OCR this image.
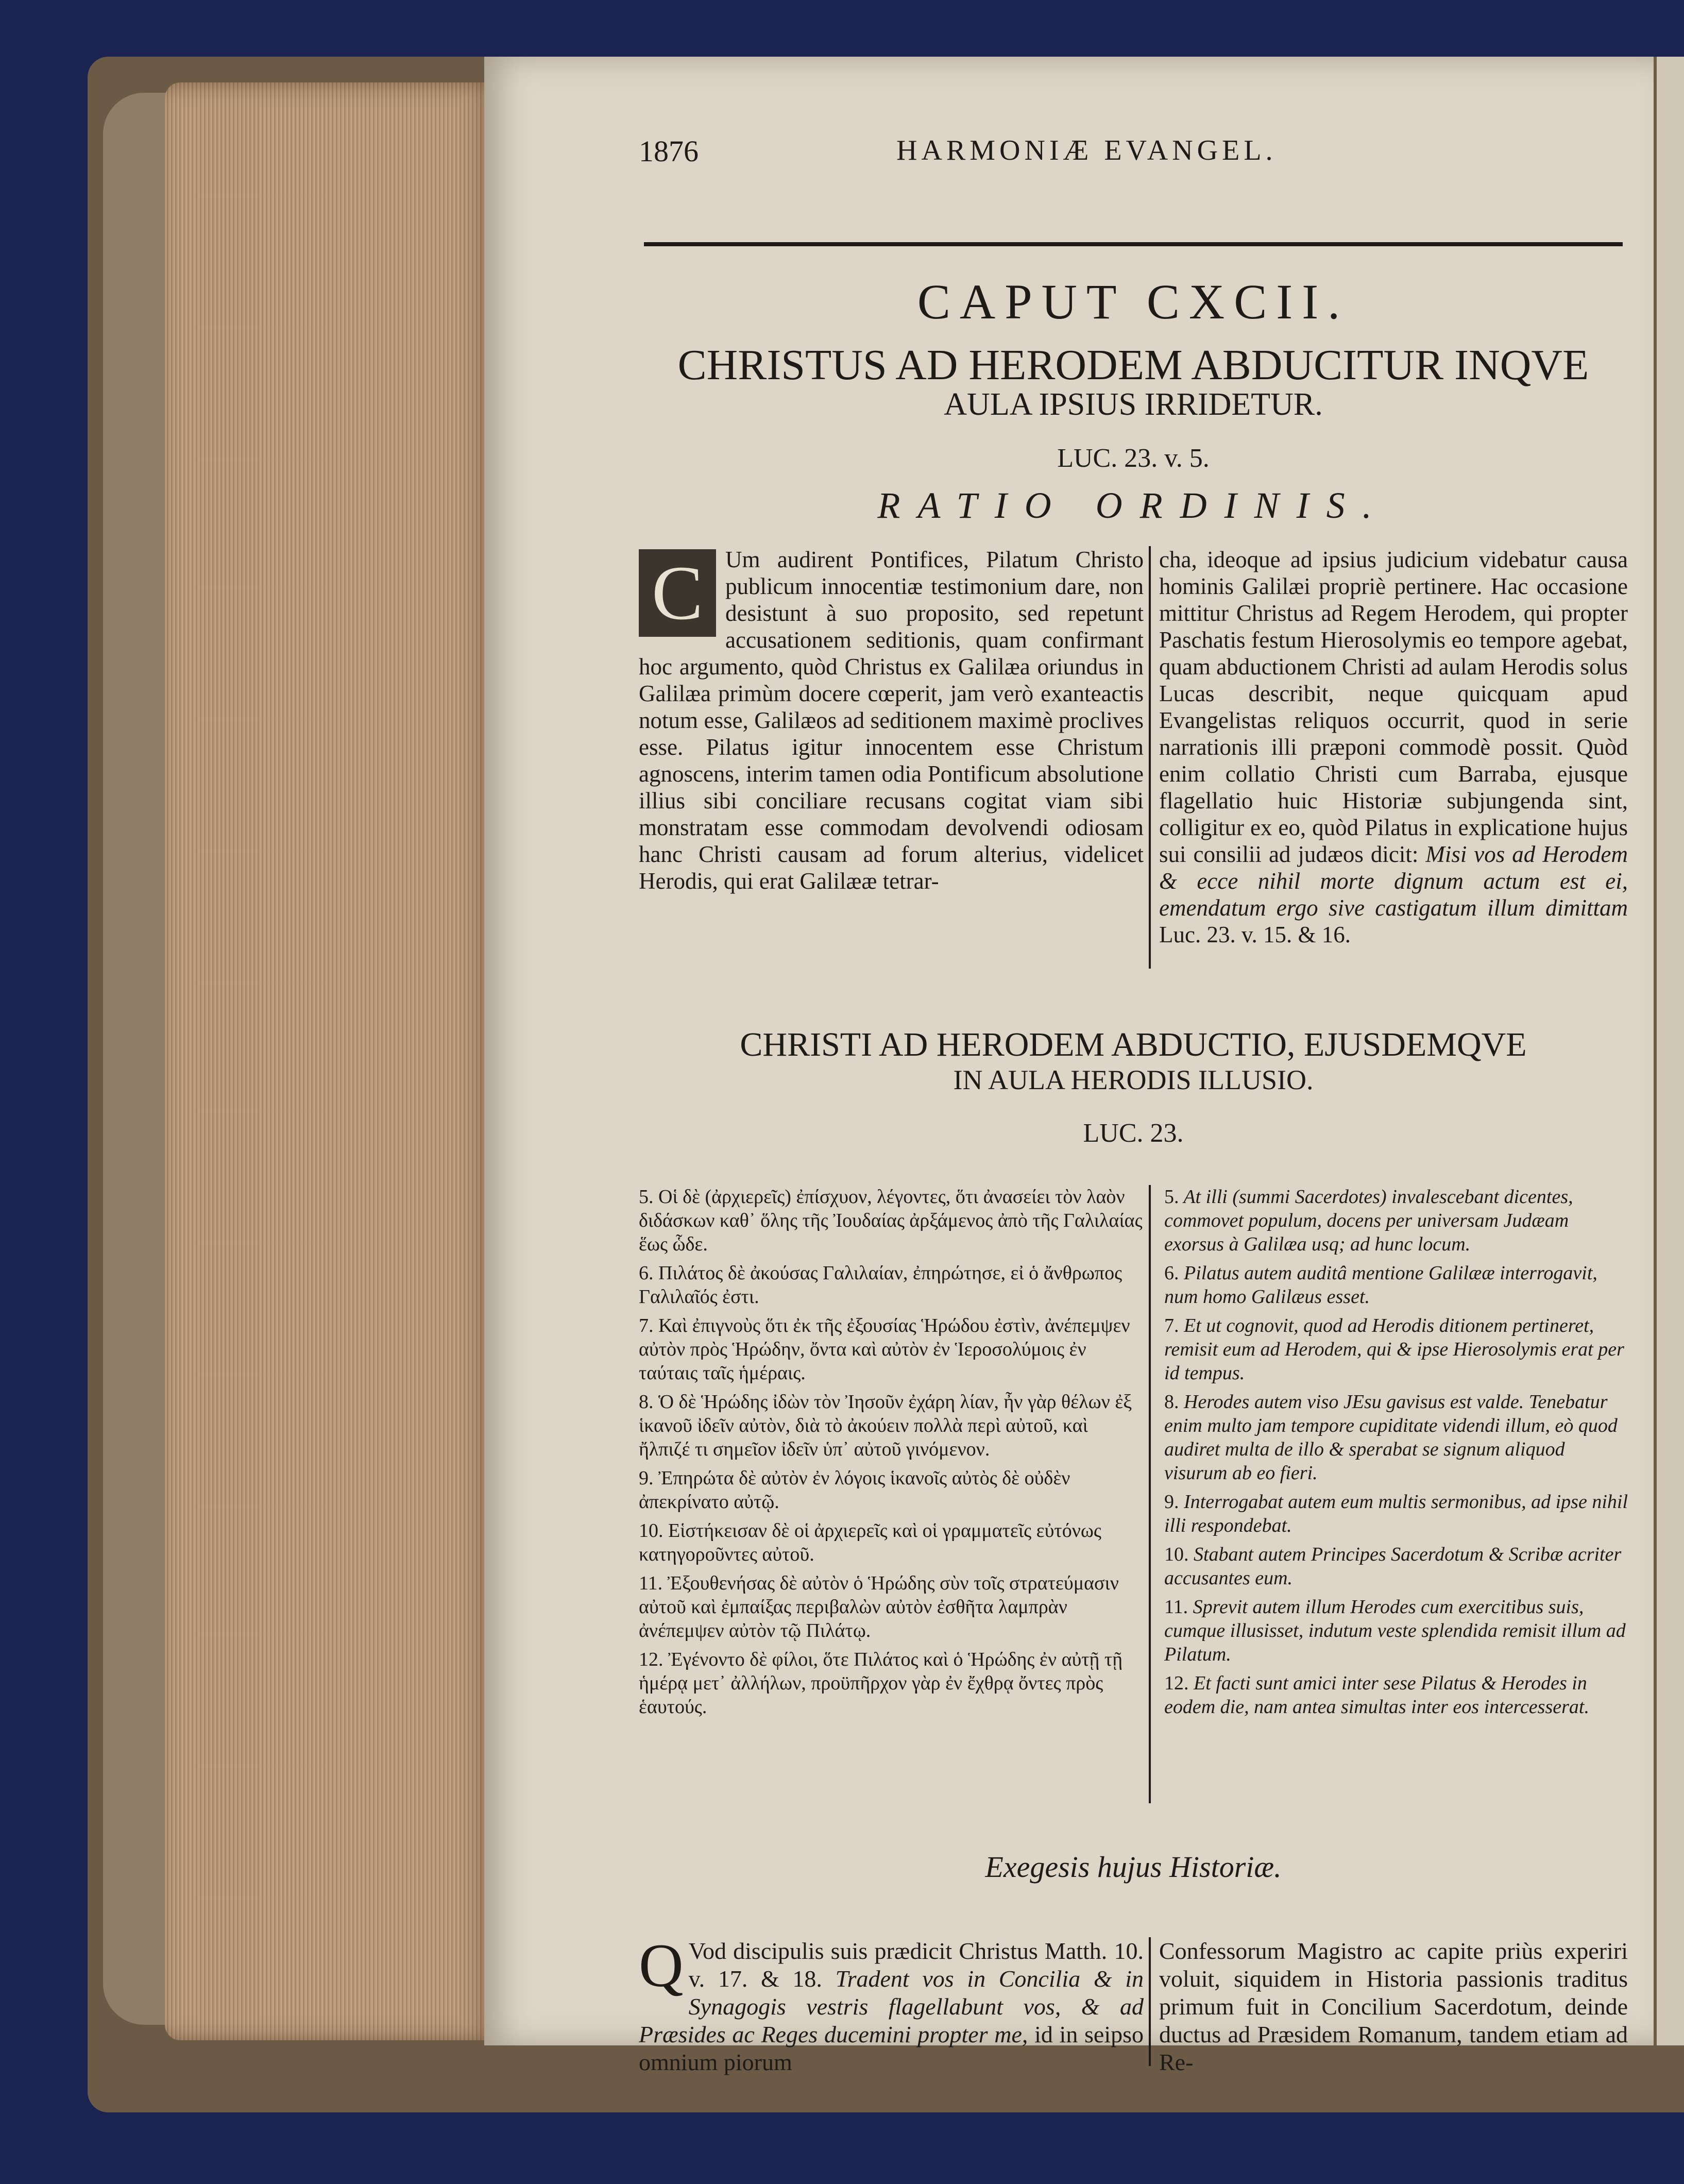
1876	HARMONIÆ EVANGEL.
CAPUT CXCII.
CHRISTUS AD HERODEM ABDUCITUR INQVE
AULA IPSIUS IRRIDETUR.
LUC. 23. v. 5.
RATIO ORDINIS.
C Um audirent Pontifices, Pilatum Christo publicum innocentiæ testimonium dare, non desistunt à suo proposito, sed repetunt accusationem seditionis, quam confirmant hoc argumento, quòd Christus ex Galilæa oriundus in Galilæa primùm docere cœperit, jam verò exanteactis notum esse, Galilæos ad seditionem maximè proclives esse. Pilatus igitur innocentem esse Christum agnoscens, interim tamen odia Pontificum absolutione illius sibi conciliare recusans cogitat viam sibi monstratam esse commodam devolvendi odiosam hanc Christi causam ad forum alterius, videlicet Herodis, qui erat Galilææ tetrar-
cha, ideoque ad ipsius judicium videbatur causa hominis Galilæi propriè pertinere. Hac occasione mittitur Christus ad Regem Herodem, qui propter Paschatis festum Hierosolymis eo tempore agebat, quam abductionem Christi ad aulam Herodis solus Lucas describit, neque quicquam apud Evangelistas reliquos occurrit, quod in serie narrationis illi præponi commodè possit. Quòd enim collatio Christi cum Barraba, ejusque flagellatio huic Historiæ subjungenda sint, colligitur ex eo, quòd Pilatus in explicatione hujus sui consilii ad judæos dicit: Misi vos ad Herodem & ecce nihil morte dignum actum est ei, emendatum ergo sive castigatum illum dimittam Luc. 23. v. 15. & 16.
CHRISTI AD HERODEM ABDUCTIO, EJUSDEMQVE
IN AULA HERODIS ILLUSIO.
LUC. 23.
5. Οἱ δὲ (ἀρχιερεῖς) ἐπίσχυον, λέγοντες, ὅτι ἀνασείει τὸν λαὸν διδάσκων καθ᾽ ὅλης τῆς Ἰουδαίας ἀρξάμενος ἀπὸ τῆς Γαλιλαίας ἕως ὧδε.
6. Πιλάτος δὲ ἀκούσας Γαλιλαίαν, ἐπηρώτησε, εἰ ὁ ἄνθρωπος Γαλιλαῖός ἐστι.
7. Καὶ ἐπιγνοὺς ὅτι ἐκ τῆς ἐξουσίας Ἡρώδου ἐστὶν, ἀνέπεμψεν αὐτὸν πρὸς Ἡρώδην, ὄντα καὶ αὐτὸν ἐν Ἱεροσολύμοις ἐν ταύταις ταῖς ἡμέραις.
8. Ὁ δὲ Ἡρώδης ἰδὼν τὸν Ἰησοῦν ἐχάρη λίαν, ἦν γὰρ θέλων ἐξ ἱκανοῦ ἰδεῖν αὐτὸν, διὰ τὸ ἀκούειν πολλὰ περὶ αὐτοῦ, καὶ ἤλπιζέ τι σημεῖον ἰδεῖν ὑπ᾽ αὐτοῦ γινόμενον.
9. Ἐπηρώτα δὲ αὐτὸν ἐν λόγοις ἱκανοῖς αὐτὸς δὲ οὐδὲν ἀπεκρίνατο αὐτῷ.
10. Εἱστήκεισαν δὲ οἱ ἀρχιερεῖς καὶ οἱ γραμματεῖς εὐτόνως κατηγοροῦντες αὐτοῦ.
11. Ἐξουθενήσας δὲ αὐτὸν ὁ Ἡρώδης σὺν τοῖς στρατεύμασιν αὐτοῦ καὶ ἐμπαίξας περιβαλὼν αὐτὸν ἐσθῆτα λαμπρὰν ἀνέπεμψεν αὐτὸν τῷ Πιλάτῳ.
12. Ἐγένοντο δὲ φίλοι, ὅτε Πιλάτος καὶ ὁ Ἡρώδης ἐν αὐτῇ τῇ ἡμέρᾳ μετ᾽ ἀλλήλων, προϋπῆρχον γὰρ ἐν ἔχθρᾳ ὄντες πρὸς ἑαυτούς.
5. At illi (summi Sacerdotes) invalescebant dicentes, commovet populum, docens per universam Judæam exorsus à Galilæa usq; ad hunc locum.
6. Pilatus autem auditâ mentione Galilææ interrogavit, num homo Galilæus esset.
7. Et ut cognovit, quod ad Herodis ditionem pertineret, remisit eum ad Herodem, qui & ipse Hierosolymis erat per id tempus.
8. Herodes autem viso JEsu gavisus est valde. Tenebatur enim multo jam tempore cupiditate videndi illum, eò quod audiret multa de illo & sperabat se signum aliquod visurum ab eo fieri.
9. Interrogabat autem eum multis sermonibus, ad ipse nihil illi respondebat.
10. Stabant autem Principes Sacerdotum & Scribæ acriter accusantes eum.
11. Sprevit autem illum Herodes cum exercitibus suis, cumque illusisset, indutum veste splendida remisit illum ad Pilatum.
12. Et facti sunt amici inter sese Pilatus & Herodes in eodem die, nam antea simultas inter eos intercesserat.
Exegesis hujus Historiæ.
Q Vod discipulis suis prædicit Christus Matth. 10. v. 17. & 18. Tradent vos in Concilia & in Synagogis vestris flagellabunt vos, & ad Præsides ac Reges ducemini propter me, id in seipso omnium piorum
Confessorum Magistro ac capite priùs experiri voluit, siquidem in Historia passionis traditus primum fuit in Concilium Sacerdotum, deinde ductus ad Præsidem Romanum, tandem etiam ad Re-
